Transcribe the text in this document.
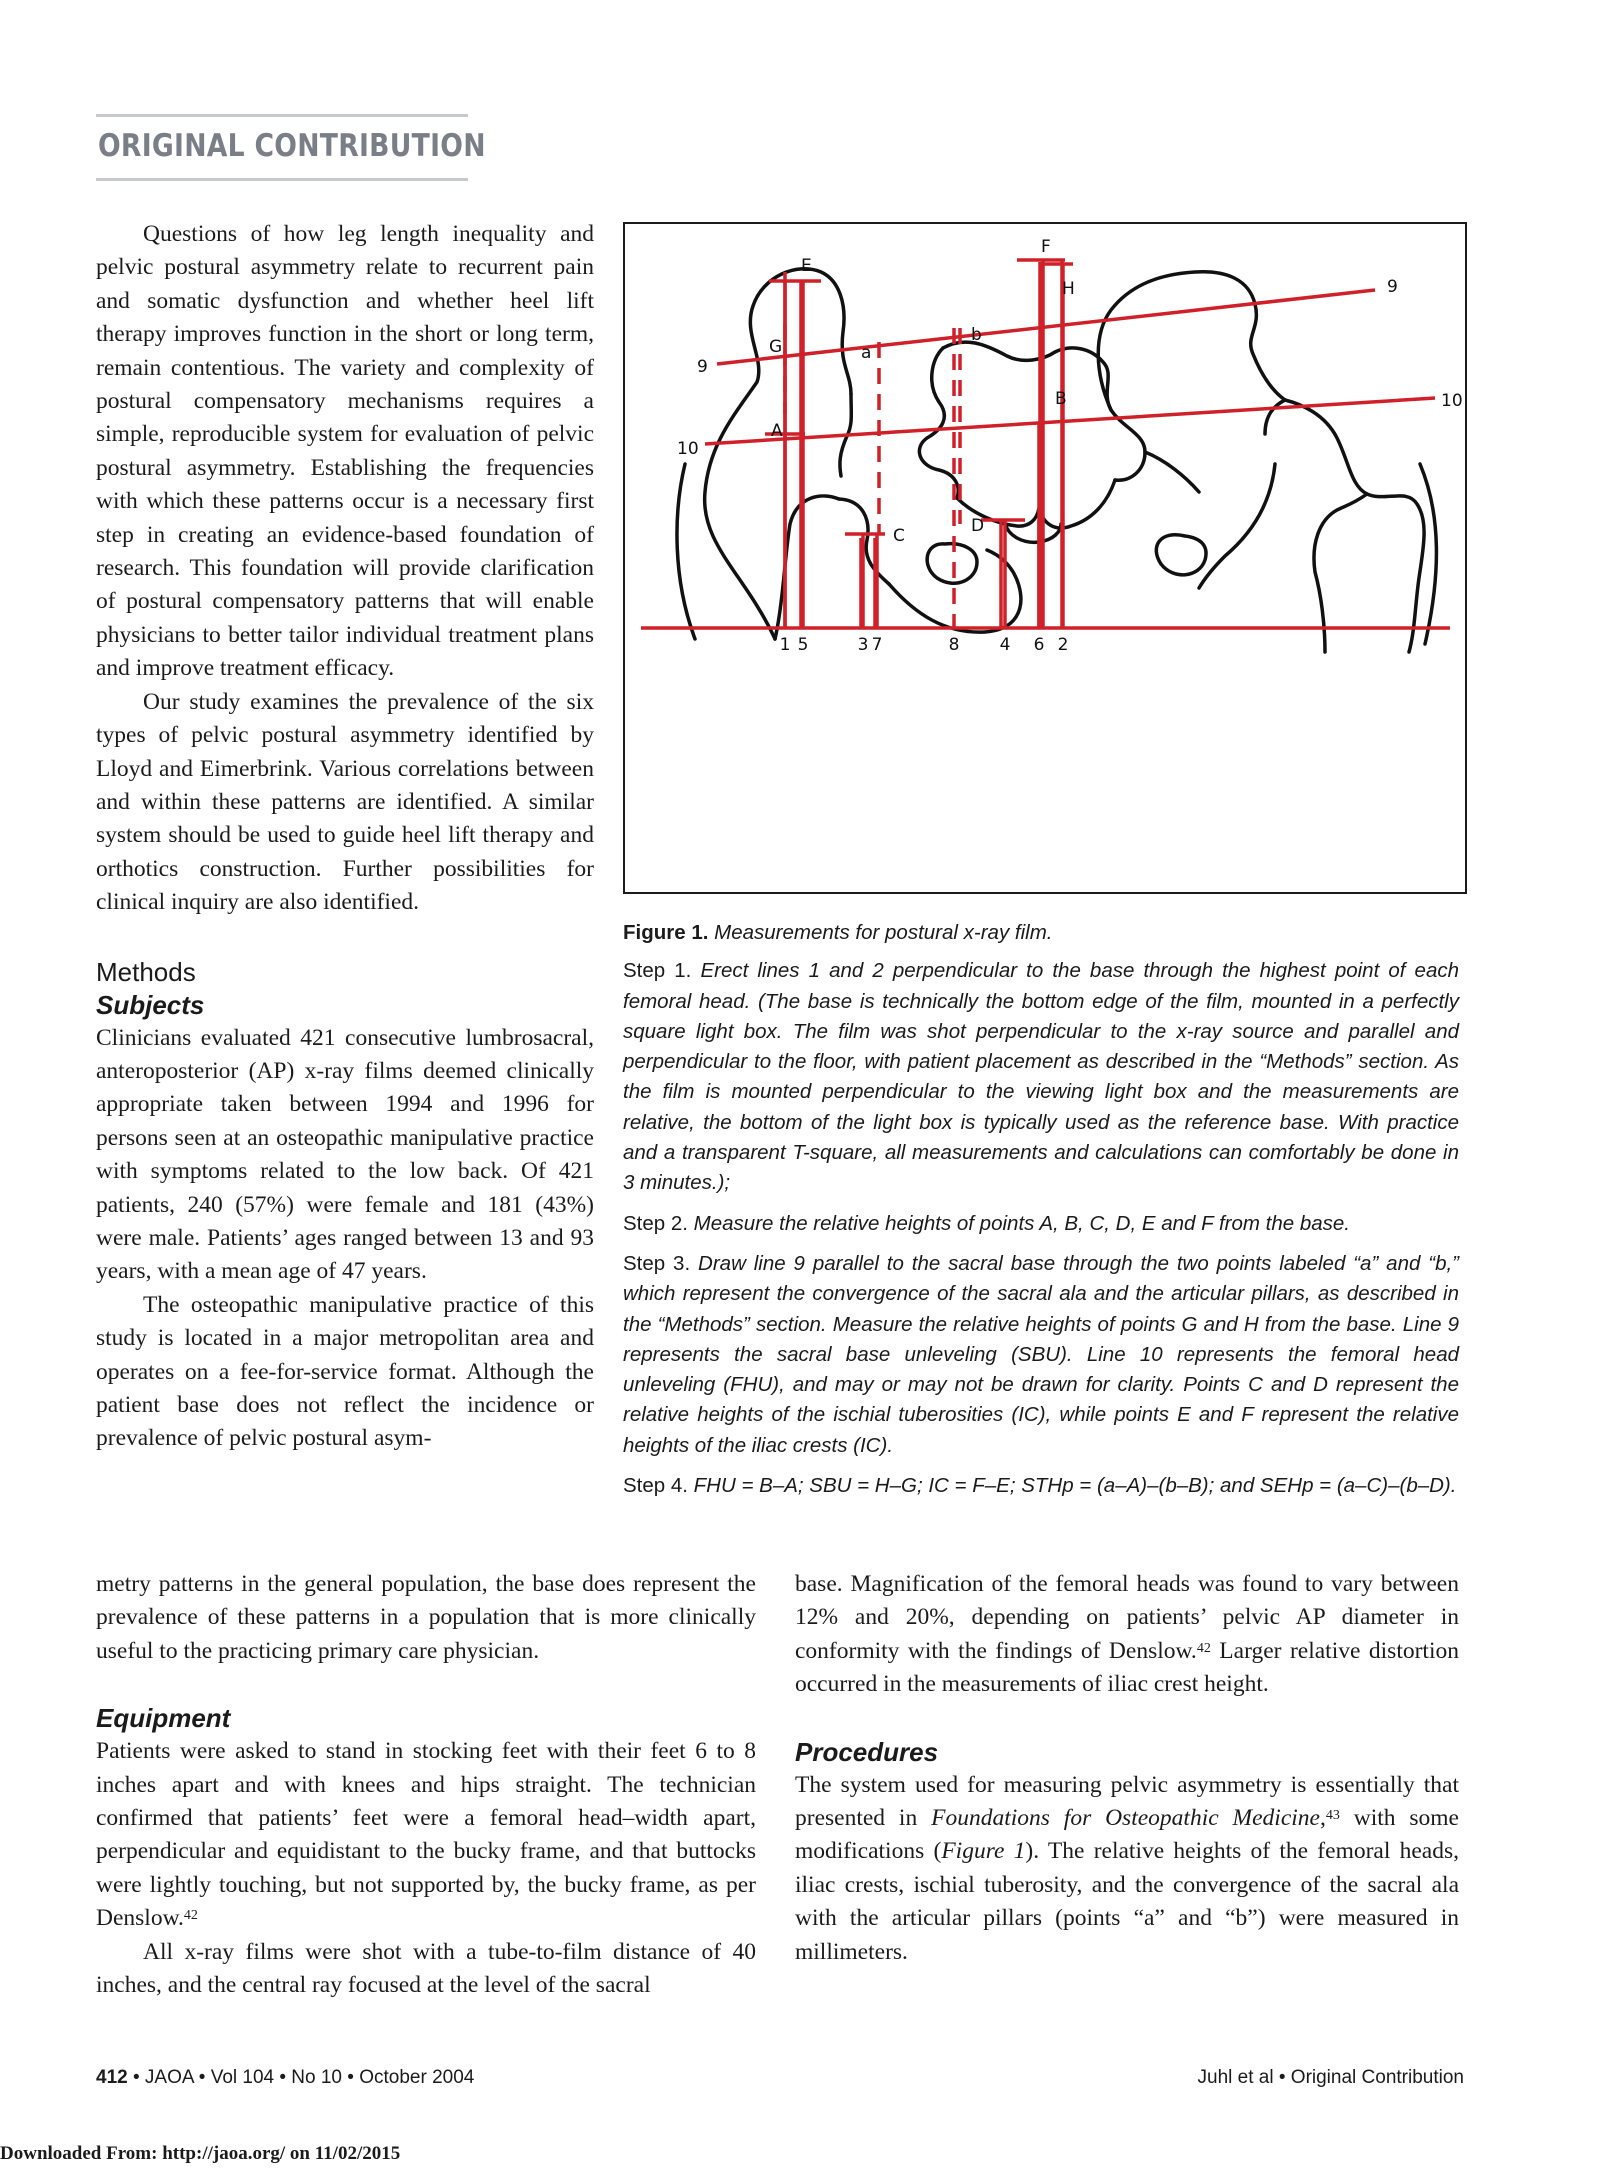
ORIGINAL CONTRIBUTION

Questions of how leg length inequality and pelvic postural asymmetry relate to recurrent pain and somatic dysfunction and whether heel lift therapy improves function in the short or long term, remain contentious. The variety and complexity of postural compensatory mechanisms requires a simple, reproducible system for evaluation of pelvic postural asymmetry. Establishing the frequencies with which these patterns occur is a necessary first step in creating an evidence-based foundation of research. This foundation will provide clarification of postural compensatory patterns that will enable physicians to better tailor individual treatment plans and improve treatment efficacy.

Our study examines the prevalence of the six types of pelvic postural asymmetry identified by Lloyd and Eimerbrink. Various correlations between and within these patterns are identified. A similar system should be used to guide heel lift therapy and orthotics construction. Further possibilities for clinical inquiry are also identified.

Methods

Subjects

Clinicians evaluated 421 consecutive lumbrosacral, anteroposterior (AP) x-ray films deemed clinically appropriate taken between 1994 and 1996 for persons seen at an osteopathic manipulative practice with symptoms related to the low back. Of 421 patients, 240 (57%) were female and 181 (43%) were male. Patients’ ages ranged between 13 and 93 years, with a mean age of 47 years.

The osteopathic manipulative practice of this study is located in a major metropolitan area and operates on a fee-for-service format. Although the patient base does not reflect the incidence or prevalence of pelvic postural asym-

E
F
H
G	a
b
9
9
B
A
10
10
C	D
1 5	3 7	8 4 6 2
Figure 1. Measurements for postural x-ray film.
Step 1. Erect lines 1 and 2 perpendicular to the base through the highest point of each femoral head. (The base is technically the bottom edge of the film, mounted in a perfectly square light box. The film was shot perpendicular to the x-ray source and parallel and perpendicular to the floor, with patient placement as described in the “Methods” section. As the film is mounted perpendicular to the viewing light box and the measurements are relative, the bottom of the light box is typically used as the reference base. With practice and a transparent T-square, all measurements and calculations can comfortably be done in 3 minutes.);
Step 2. Measure the relative heights of points A, B, C, D, E and F from the base.
Step 3. Draw line 9 parallel to the sacral base through the two points labeled “a” and “b,” which represent the convergence of the sacral ala and the articular pillars, as described in the “Methods” section. Measure the relative heights of points G and H from the base. Line 9 represents the sacral base unleveling (SBU). Line 10 represents the femoral head unleveling (FHU), and may or may not be drawn for clarity. Points C and D represent the relative heights of the ischial tuberosities (IC), while points E and F represent the relative heights of the iliac crests (IC).
Step 4. FHU = B–A; SBU = H–G; IC = F–E; STHp = (a–A)–(b–B); and SEHp = (a–C)–(b–D).

metry patterns in the general population, the base does represent the prevalence of these patterns in a population that is more clinically useful to the practicing primary care physician.

Equipment

Patients were asked to stand in stocking feet with their feet 6 to 8 inches apart and with knees and hips straight. The technician confirmed that patients’ feet were a femoral head–width apart, perpendicular and equidistant to the bucky frame, and that buttocks were lightly touching, but not supported by, the bucky frame, as per Denslow.$^{42}$

All x-ray films were shot with a tube-to-film distance of 40 inches, and the central ray focused at the level of the sacral

base. Magnification of the femoral heads was found to vary between 12% and 20%, depending on patients’ pelvic AP diameter in conformity with the findings of Denslow.$^{42}$ Larger relative distortion occurred in the measurements of iliac crest height.

Procedures

The system used for measuring pelvic asymmetry is essentially that presented in Foundations for Osteopathic Medicine,$^{43}$ with some modifications (Figure 1). The relative heights of the femoral heads, iliac crests, ischial tuberosity, and the convergence of the sacral ala with the articular pillars (points “a” and “b”) were measured in millimeters.

412 • JAOA • Vol 104 • No 10 • October 2004	Juhl et al • Original Contribution
Downloaded From: http://jaoa.org/ on 11/02/2015
